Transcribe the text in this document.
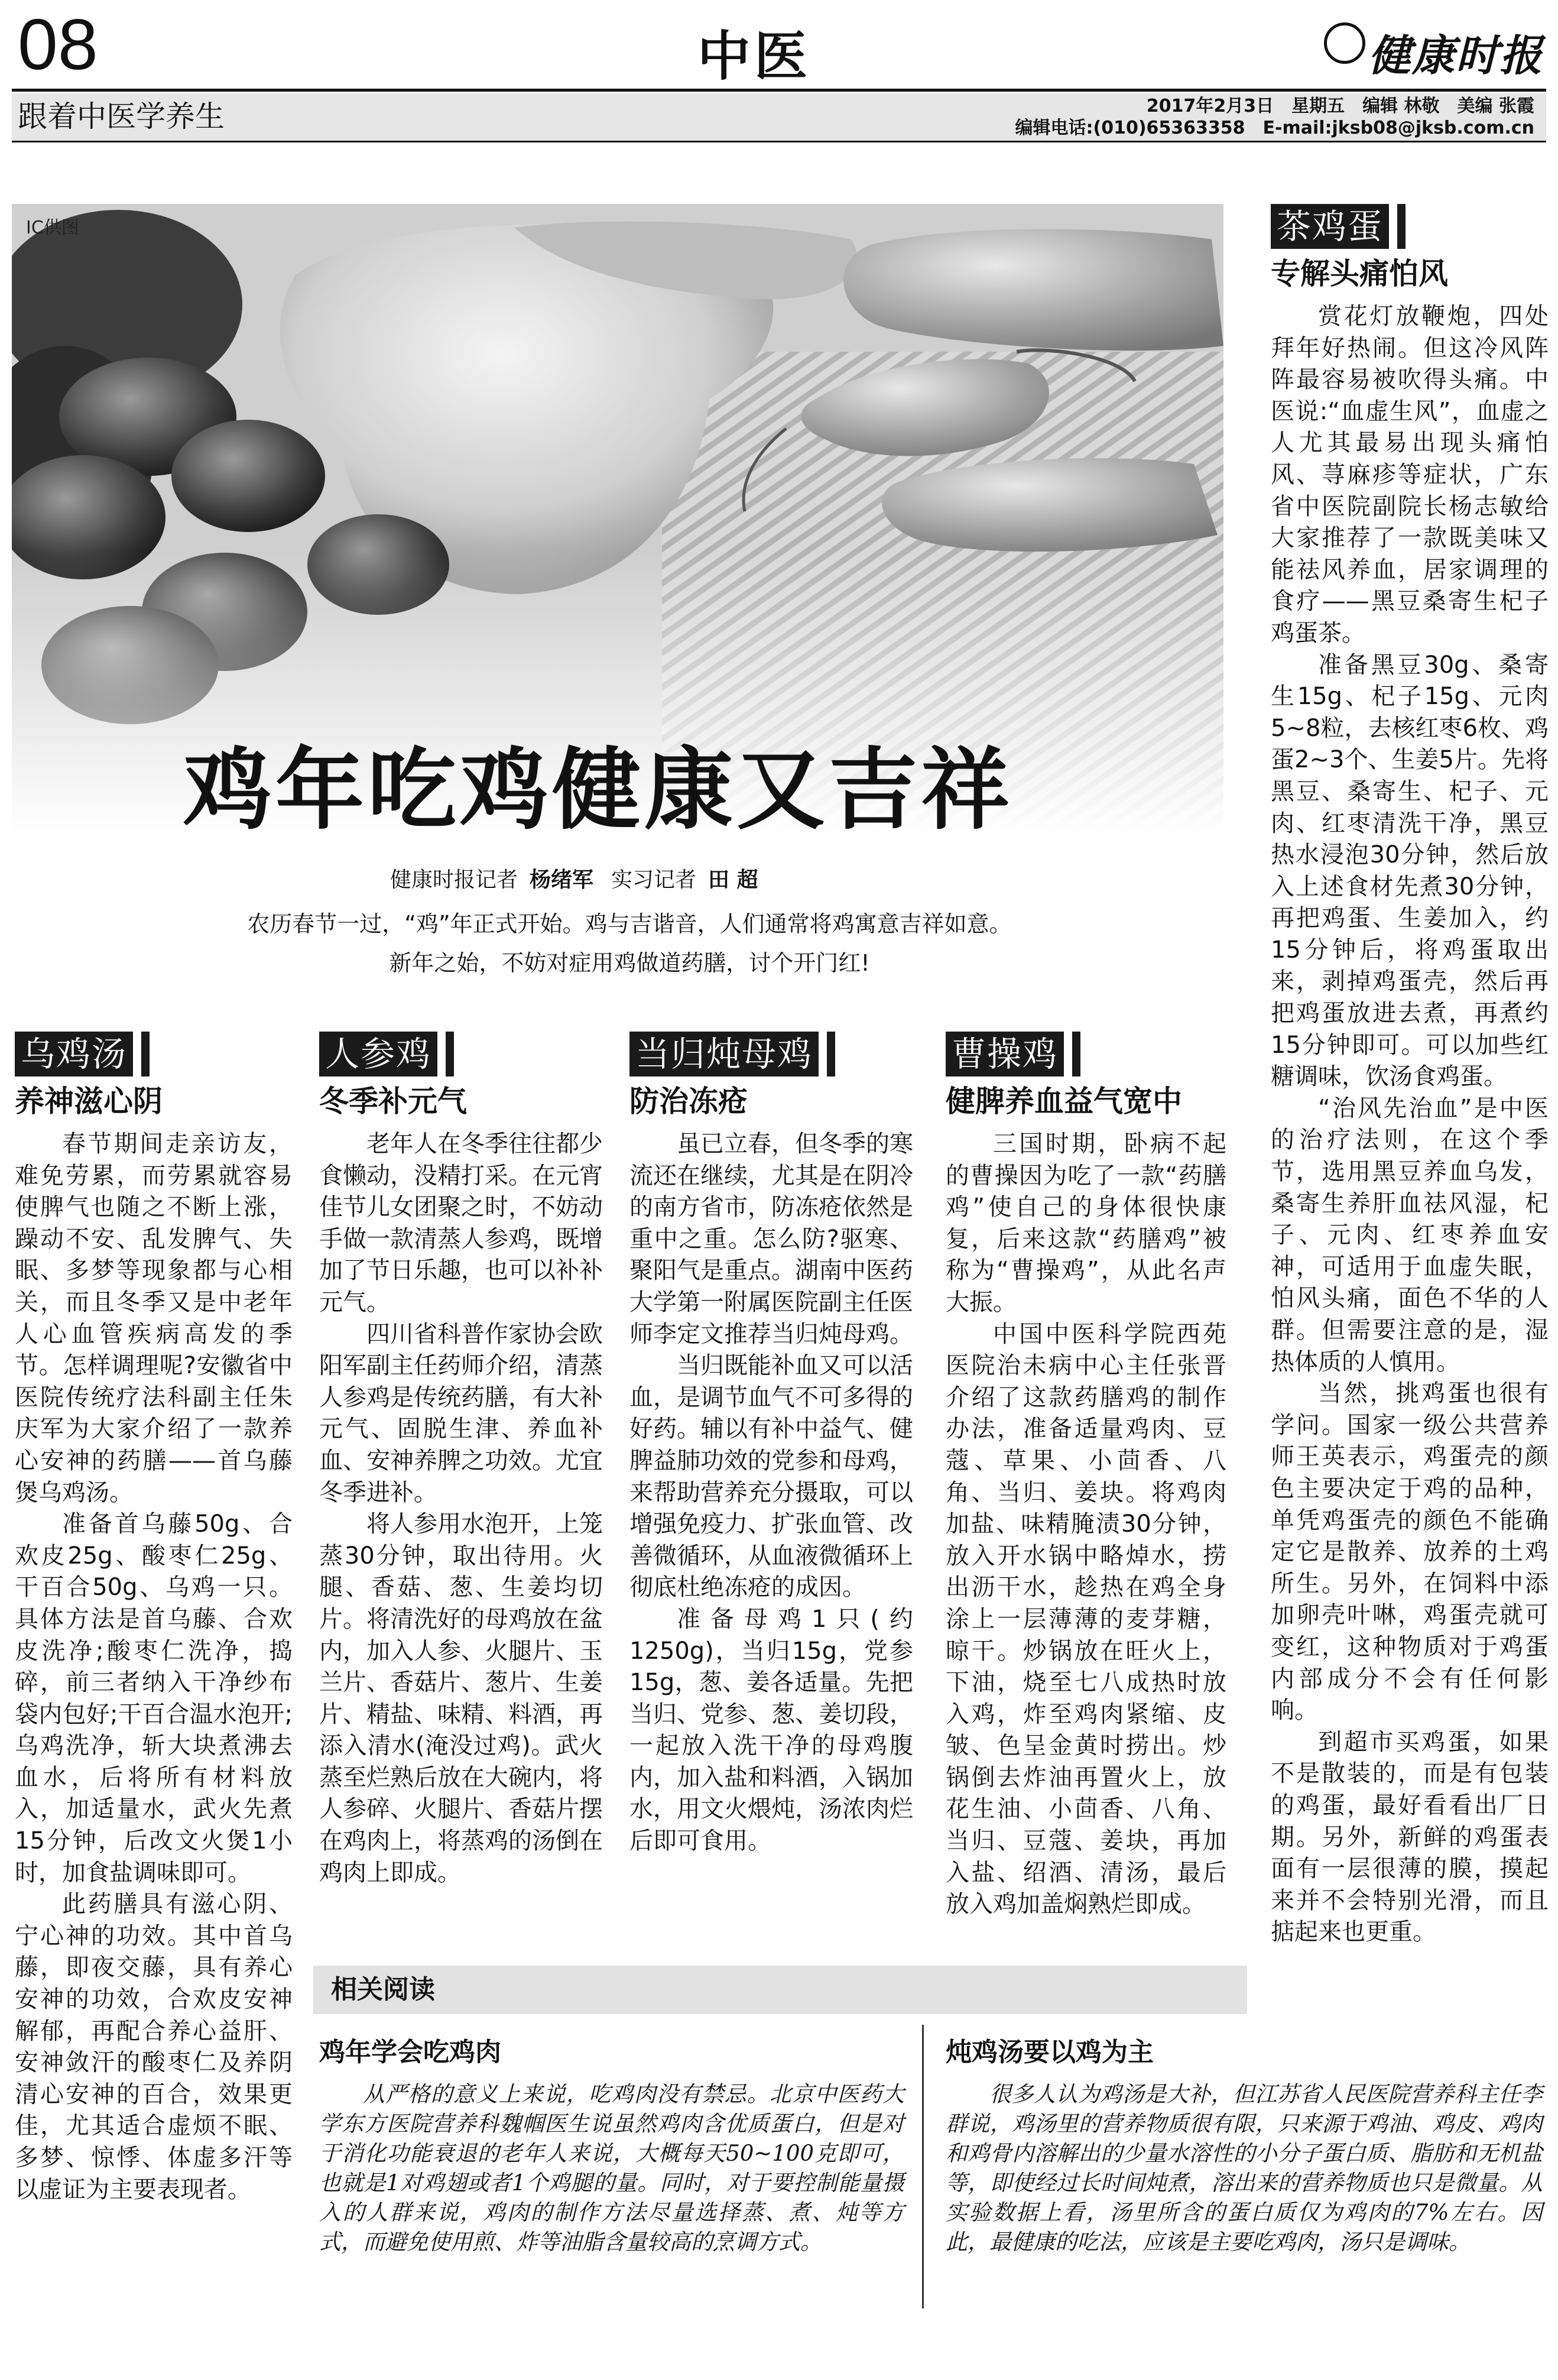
08	中医	健康时报
跟着中医学养生	2017年2月3日　星期五　编辑 林敬　美编 张霞
编辑电话:(010)65363358　E-mail:jksb08@jksb.com.cn
IC供图
鸡年吃鸡健康又吉祥
健康时报记者 杨绪军 实习记者 田 超
农历春节一过，“鸡”年正式开始。鸡与吉谐音，人们通常将鸡寓意吉祥如意。
新年之始，不妨对症用鸡做道药膳，讨个开门红!
乌鸡汤
养神滋心阴

春节期间走亲访友，难免劳累，而劳累就容易使脾气也随之不断上涨，躁动不安、乱发脾气、失眠、多梦等现象都与心相关，而且冬季又是中老年人心血管疾病高发的季节。怎样调理呢?安徽省中医院传统疗法科副主任朱庆军为大家介绍了一款养心安神的药膳——首乌藤煲乌鸡汤。

准备首乌藤50g、合欢皮25g、酸枣仁25g、干百合50g、乌鸡一只。具体方法是首乌藤、合欢皮洗净;酸枣仁洗净，捣碎，前三者纳入干净纱布袋内包好;干百合温水泡开;乌鸡洗净，斩大块煮沸去血水，后将所有材料放入，加适量水，武火先煮15分钟，后改文火煲1小时，加食盐调味即可。

此药膳具有滋心阴、宁心神的功效。其中首乌藤，即夜交藤，具有养心安神的功效，合欢皮安神解郁，再配合养心益肝、安神敛汗的酸枣仁及养阴清心安神的百合，效果更佳，尤其适合虚烦不眠、多梦、惊悸、体虚多汗等以虚证为主要表现者。

人参鸡
冬季补元气

老年人在冬季往往都少食懒动，没精打采。在元宵佳节儿女团聚之时，不妨动手做一款清蒸人参鸡，既增加了节日乐趣，也可以补补元气。

四川省科普作家协会欧阳军副主任药师介绍，清蒸人参鸡是传统药膳，有大补元气、固脱生津、养血补血、安神养脾之功效。尤宜冬季进补。

将人参用水泡开，上笼蒸30分钟，取出待用。火腿、香菇、葱、生姜均切片。将清洗好的母鸡放在盆内，加入人参、火腿片、玉兰片、香菇片、葱片、生姜片、精盐、味精、料酒，再添入清水(淹没过鸡)。武火蒸至烂熟后放在大碗内，将人参碎、火腿片、香菇片摆在鸡肉上，将蒸鸡的汤倒在鸡肉上即成。

当归炖母鸡
防治冻疮

虽已立春，但冬季的寒流还在继续，尤其是在阴冷的南方省市，防冻疮依然是重中之重。怎么防?驱寒、聚阳气是重点。湖南中医药大学第一附属医院副主任医师李定文推荐当归炖母鸡。

当归既能补血又可以活血，是调节血气不可多得的好药。辅以有补中益气、健脾益肺功效的党参和母鸡，来帮助营养充分摄取，可以增强免疫力、扩张血管、改善微循环，从血液微循环上彻底杜绝冻疮的成因。

准备母鸡1只(约1250g)，当归15g，党参15g，葱、姜各适量。先把当归、党参、葱、姜切段，一起放入洗干净的母鸡腹内，加入盐和料酒，入锅加水，用文火煨炖，汤浓肉烂后即可食用。

曹操鸡
健脾养血益气宽中

三国时期，卧病不起的曹操因为吃了一款“药膳鸡”使自己的身体很快康复，后来这款“药膳鸡”被称为“曹操鸡”，从此名声大振。

中国中医科学院西苑医院治未病中心主任张晋介绍了这款药膳鸡的制作办法，准备适量鸡肉、豆蔻、草果、小茴香、八角、当归、姜块。将鸡肉加盐、味精腌渍30分钟，放入开水锅中略焯水，捞出沥干水，趁热在鸡全身涂上一层薄薄的麦芽糖，晾干。炒锅放在旺火上，下油，烧至七八成热时放入鸡，炸至鸡肉紧缩、皮皱、色呈金黄时捞出。炒锅倒去炸油再置火上，放花生油、小茴香、八角、当归、豆蔻、姜块，再加入盐、绍酒、清汤，最后放入鸡加盖焖熟烂即成。

茶鸡蛋
专解头痛怕风

赏花灯放鞭炮，四处拜年好热闹。但这冷风阵阵最容易被吹得头痛。中医说:“血虚生风”，血虚之人尤其最易出现头痛怕风、荨麻疹等症状，广东省中医院副院长杨志敏给大家推荐了一款既美味又能祛风养血，居家调理的食疗——黑豆桑寄生杞子鸡蛋茶。

准备黑豆30g、桑寄生15g、杞子15g、元肉5~8粒，去核红枣6枚、鸡蛋2~3个、生姜5片。先将黑豆、桑寄生、杞子、元肉、红枣清洗干净，黑豆热水浸泡30分钟，然后放入上述食材先煮30分钟，再把鸡蛋、生姜加入，约15分钟后，将鸡蛋取出来，剥掉鸡蛋壳，然后再把鸡蛋放进去煮，再煮约15分钟即可。可以加些红糖调味，饮汤食鸡蛋。

“治风先治血”是中医的治疗法则，在这个季节，选用黑豆养血乌发，桑寄生养肝血祛风湿，杞子、元肉、红枣养血安神，可适用于血虚失眠，怕风头痛，面色不华的人群。但需要注意的是，湿热体质的人慎用。

当然，挑鸡蛋也很有学问。国家一级公共营养师王英表示，鸡蛋壳的颜色主要决定于鸡的品种，单凭鸡蛋壳的颜色不能确定它是散养、放养的土鸡所生。另外，在饲料中添加卵壳叶啉，鸡蛋壳就可变红，这种物质对于鸡蛋内部成分不会有任何影响。

到超市买鸡蛋，如果不是散装的，而是有包装的鸡蛋，最好看看出厂日期。另外，新鲜的鸡蛋表面有一层很薄的膜，摸起来并不会特别光滑，而且掂起来也更重。

相关阅读
鸡年学会吃鸡肉

从严格的意义上来说，吃鸡肉没有禁忌。北京中医药大学东方医院营养科魏帼医生说虽然鸡肉含优质蛋白，但是对于消化功能衰退的老年人来说，大概每天50~100克即可，也就是1对鸡翅或者1个鸡腿的量。同时，对于要控制能量摄入的人群来说，鸡肉的制作方法尽量选择蒸、煮、炖等方式，而避免使用煎、炸等油脂含量较高的烹调方式。

炖鸡汤要以鸡为主

很多人认为鸡汤是大补，但江苏省人民医院营养科主任李群说，鸡汤里的营养物质很有限，只来源于鸡油、鸡皮、鸡肉和鸡骨内溶解出的少量水溶性的小分子蛋白质、脂肪和无机盐等，即使经过长时间炖煮，溶出来的营养物质也只是微量。从实验数据上看，汤里所含的蛋白质仅为鸡肉的7%左右。因此，最健康的吃法，应该是主要吃鸡肉，汤只是调味。
